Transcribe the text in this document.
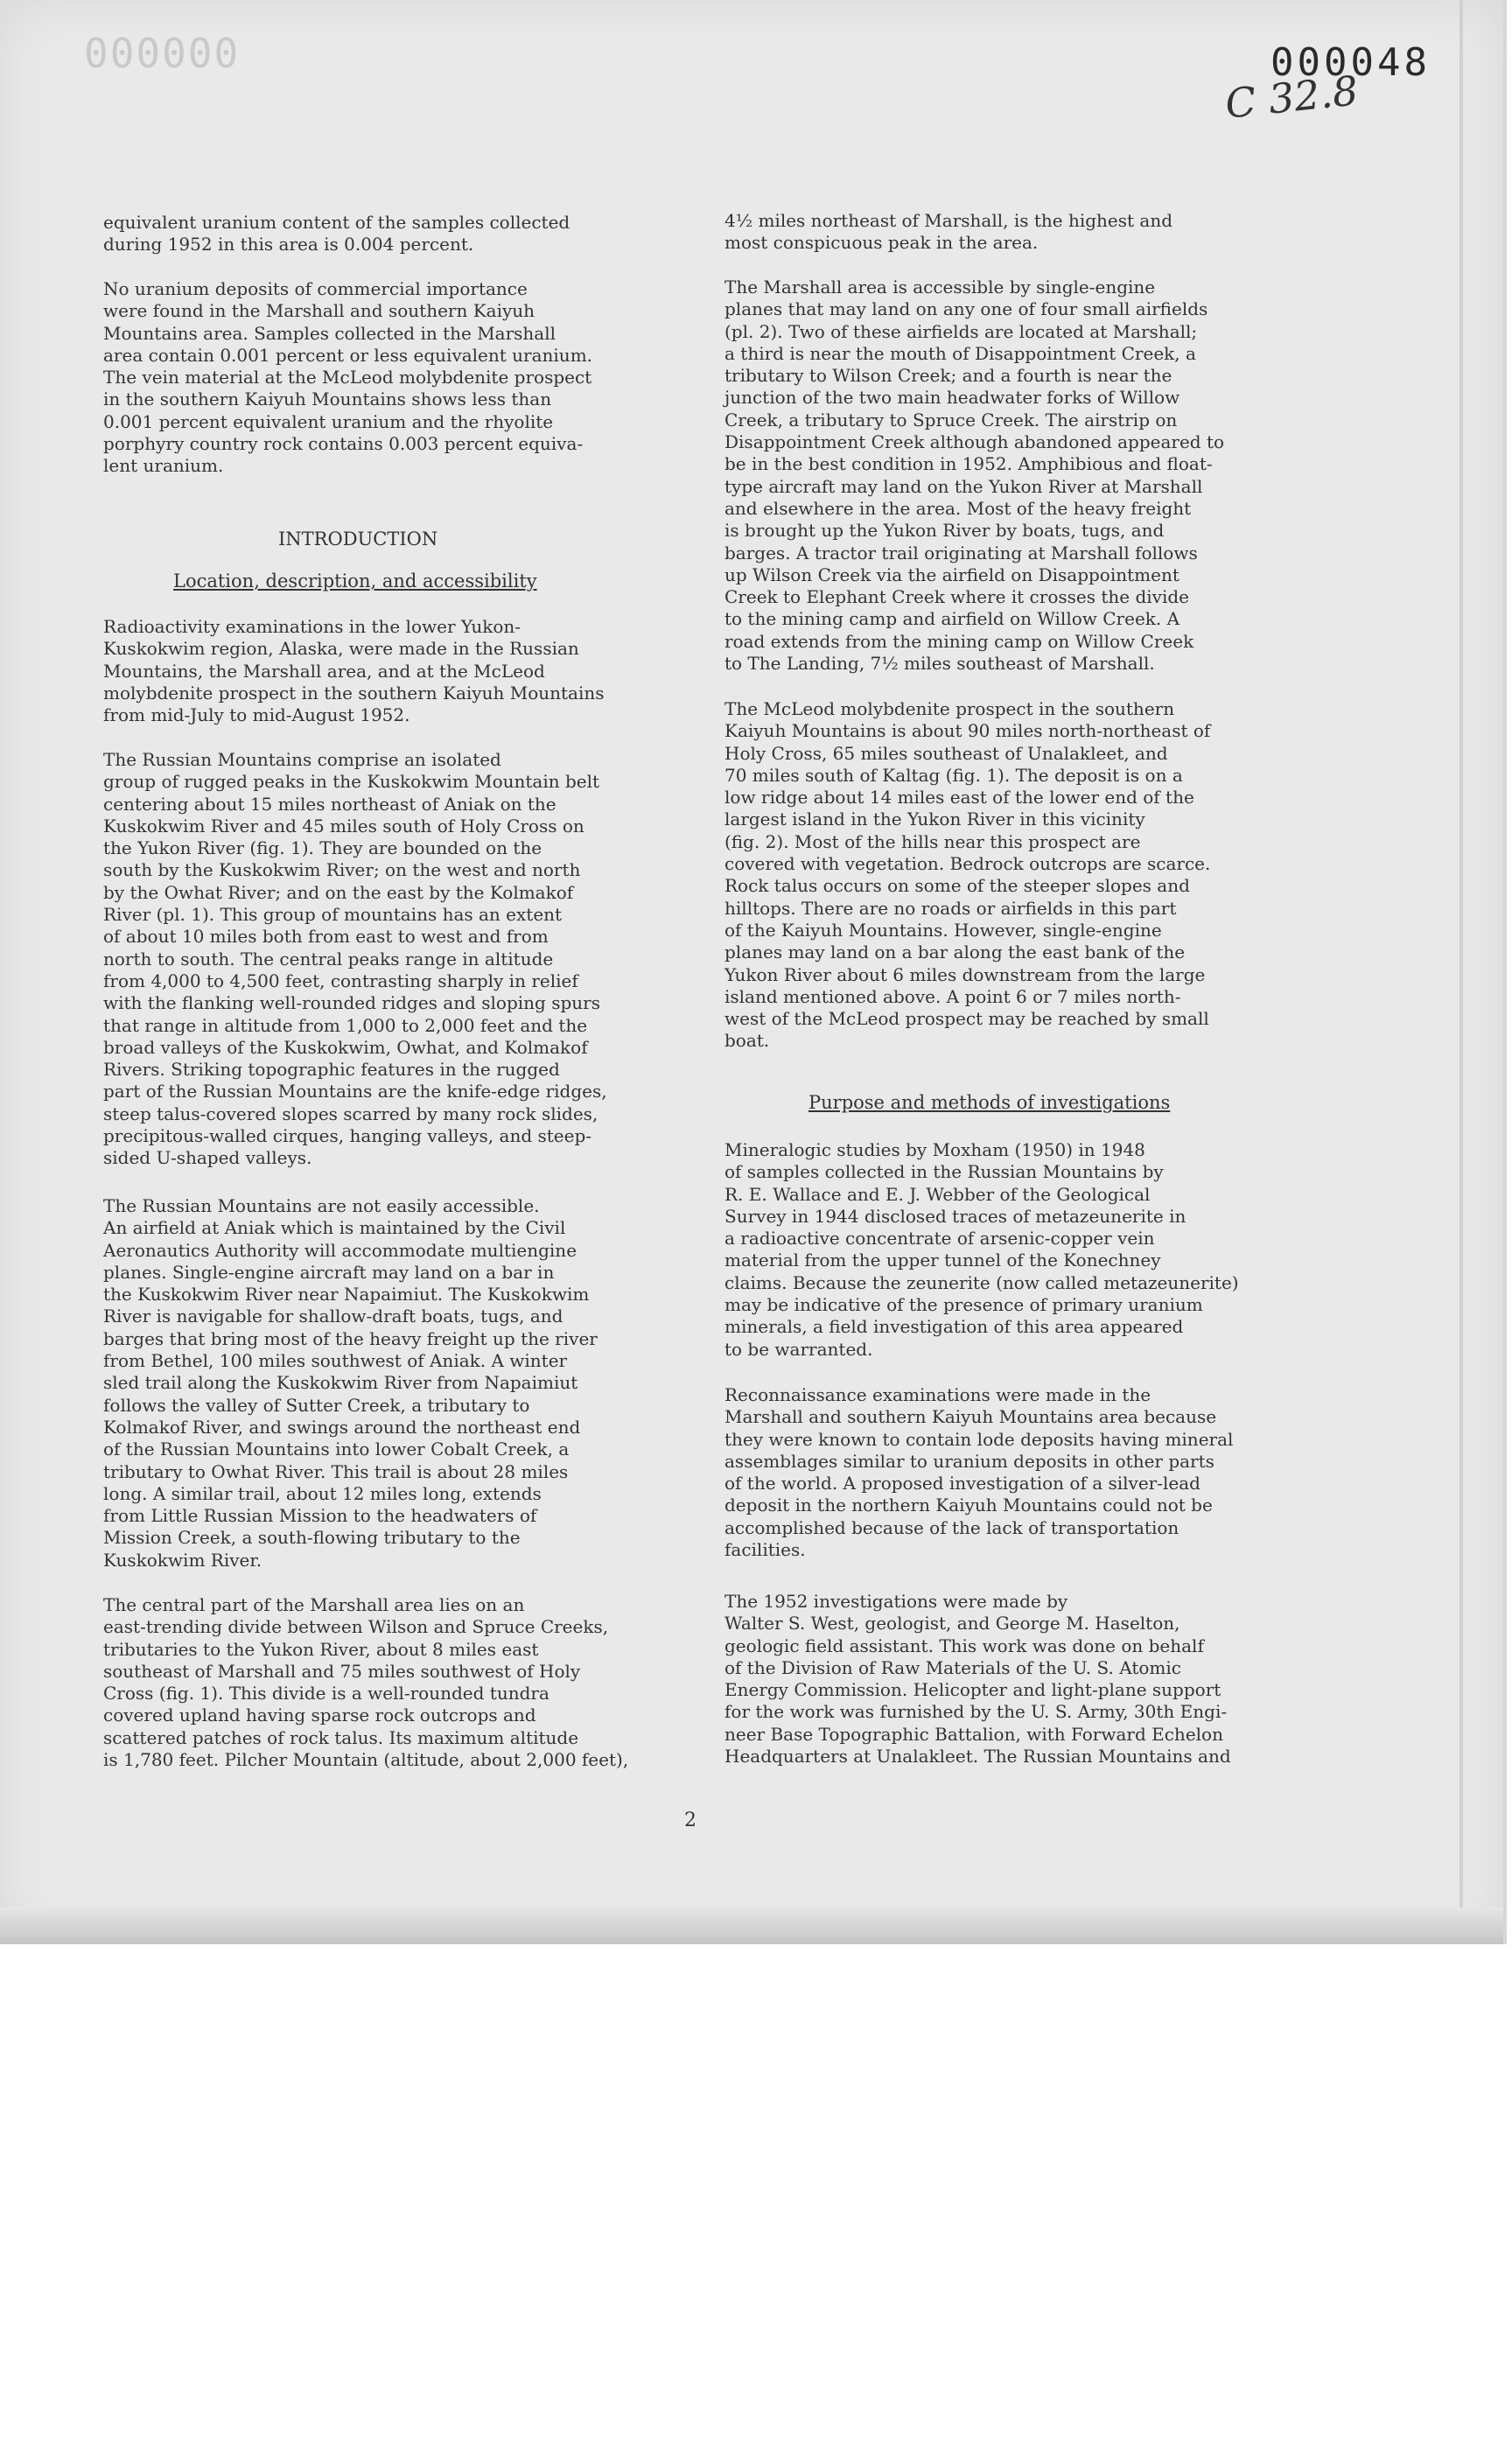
000000	000048
C 32.8

equivalent uranium content of the samples collected
during 1952 in this area is 0.004 percent.

No uranium deposits of commercial importance
were found in the Marshall and southern Kaiyuh
Mountains area. Samples collected in the Marshall
area contain 0.001 percent or less equivalent uranium.
The vein material at the McLeod molybdenite prospect
in the southern Kaiyuh Mountains shows less than
0.001 percent equivalent uranium and the rhyolite
porphyry country rock contains 0.003 percent equiva-
lent uranium.

Radioactivity examinations in the lower Yukon-
Kuskokwim region, Alaska, were made in the Russian
Mountains, the Marshall area, and at the McLeod
molybdenite prospect in the southern Kaiyuh Mountains
from mid-July to mid-August 1952.

The Russian Mountains comprise an isolated
group of rugged peaks in the Kuskokwim Mountain belt
centering about 15 miles northeast of Aniak on the
Kuskokwim River and 45 miles south of Holy Cross on
the Yukon River (fig. 1). They are bounded on the
south by the Kuskokwim River; on the west and north
by the Owhat River; and on the east by the Kolmakof
River (pl. 1). This group of mountains has an extent
of about 10 miles both from east to west and from
north to south. The central peaks range in altitude
from 4,000 to 4,500 feet, contrasting sharply in relief
with the flanking well-rounded ridges and sloping spurs
that range in altitude from 1,000 to 2,000 feet and the
broad valleys of the Kuskokwim, Owhat, and Kolmakof
Rivers. Striking topographic features in the rugged
part of the Russian Mountains are the knife-edge ridges,
steep talus-covered slopes scarred by many rock slides,
precipitous-walled cirques, hanging valleys, and steep-
sided U-shaped valleys.

The Russian Mountains are not easily accessible.
An airfield at Aniak which is maintained by the Civil
Aeronautics Authority will accommodate multiengine
planes. Single-engine aircraft may land on a bar in
the Kuskokwim River near Napaimiut. The Kuskokwim
River is navigable for shallow-draft boats, tugs, and
barges that bring most of the heavy freight up the river
from Bethel, 100 miles southwest of Aniak. A winter
sled trail along the Kuskokwim River from Napaimiut
follows the valley of Sutter Creek, a tributary to
Kolmakof River, and swings around the northeast end
of the Russian Mountains into lower Cobalt Creek, a
tributary to Owhat River. This trail is about 28 miles
long. A similar trail, about 12 miles long, extends
from Little Russian Mission to the headwaters of
Mission Creek, a south-flowing tributary to the
Kuskokwim River.

The central part of the Marshall area lies on an
east-trending divide between Wilson and Spruce Creeks,
tributaries to the Yukon River, about 8 miles east
southeast of Marshall and 75 miles southwest of Holy
Cross (fig. 1). This divide is a well-rounded tundra
covered upland having sparse rock outcrops and
scattered patches of rock talus. Its maximum altitude
is 1,780 feet. Pilcher Mountain (altitude, about 2,000 feet),

INTRODUCTION
Location, description, and accessibility

4½ miles northeast of Marshall, is the highest and
most conspicuous peak in the area.

The Marshall area is accessible by single-engine
planes that may land on any one of four small airfields
(pl. 2). Two of these airfields are located at Marshall;
a third is near the mouth of Disappointment Creek, a
tributary to Wilson Creek; and a fourth is near the
junction of the two main headwater forks of Willow
Creek, a tributary to Spruce Creek. The airstrip on
Disappointment Creek although abandoned appeared to
be in the best condition in 1952. Amphibious and float-
type aircraft may land on the Yukon River at Marshall
and elsewhere in the area. Most of the heavy freight
is brought up the Yukon River by boats, tugs, and
barges. A tractor trail originating at Marshall follows
up Wilson Creek via the airfield on Disappointment
Creek to Elephant Creek where it crosses the divide
to the mining camp and airfield on Willow Creek. A
road extends from the mining camp on Willow Creek
to The Landing, 7½ miles southeast of Marshall.

The McLeod molybdenite prospect in the southern
Kaiyuh Mountains is about 90 miles north-northeast of
Holy Cross, 65 miles southeast of Unalakleet, and
70 miles south of Kaltag (fig. 1). The deposit is on a
low ridge about 14 miles east of the lower end of the
largest island in the Yukon River in this vicinity
(fig. 2). Most of the hills near this prospect are
covered with vegetation. Bedrock outcrops are scarce.
Rock talus occurs on some of the steeper slopes and
hilltops. There are no roads or airfields in this part
of the Kaiyuh Mountains. However, single-engine
planes may land on a bar along the east bank of the
Yukon River about 6 miles downstream from the large
island mentioned above. A point 6 or 7 miles north-
west of the McLeod prospect may be reached by small
boat.

Mineralogic studies by Moxham (1950) in 1948
of samples collected in the Russian Mountains by
R. E. Wallace and E. J. Webber of the Geological
Survey in 1944 disclosed traces of metazeunerite in
a radioactive concentrate of arsenic-copper vein
material from the upper tunnel of the Konechney
claims. Because the zeunerite (now called metazeunerite)
may be indicative of the presence of primary uranium
minerals, a field investigation of this area appeared
to be warranted.

Reconnaissance examinations were made in the
Marshall and southern Kaiyuh Mountains area because
they were known to contain lode deposits having mineral
assemblages similar to uranium deposits in other parts
of the world. A proposed investigation of a silver-lead
deposit in the northern Kaiyuh Mountains could not be
accomplished because of the lack of transportation
facilities.

The 1952 investigations were made by
Walter S. West, geologist, and George M. Haselton,
geologic field assistant. This work was done on behalf
of the Division of Raw Materials of the U. S. Atomic
Energy Commission. Helicopter and light-plane support
for the work was furnished by the U. S. Army, 30th Engi-
neer Base Topographic Battalion, with Forward Echelon
Headquarters at Unalakleet. The Russian Mountains and

Purpose and methods of investigations
2
